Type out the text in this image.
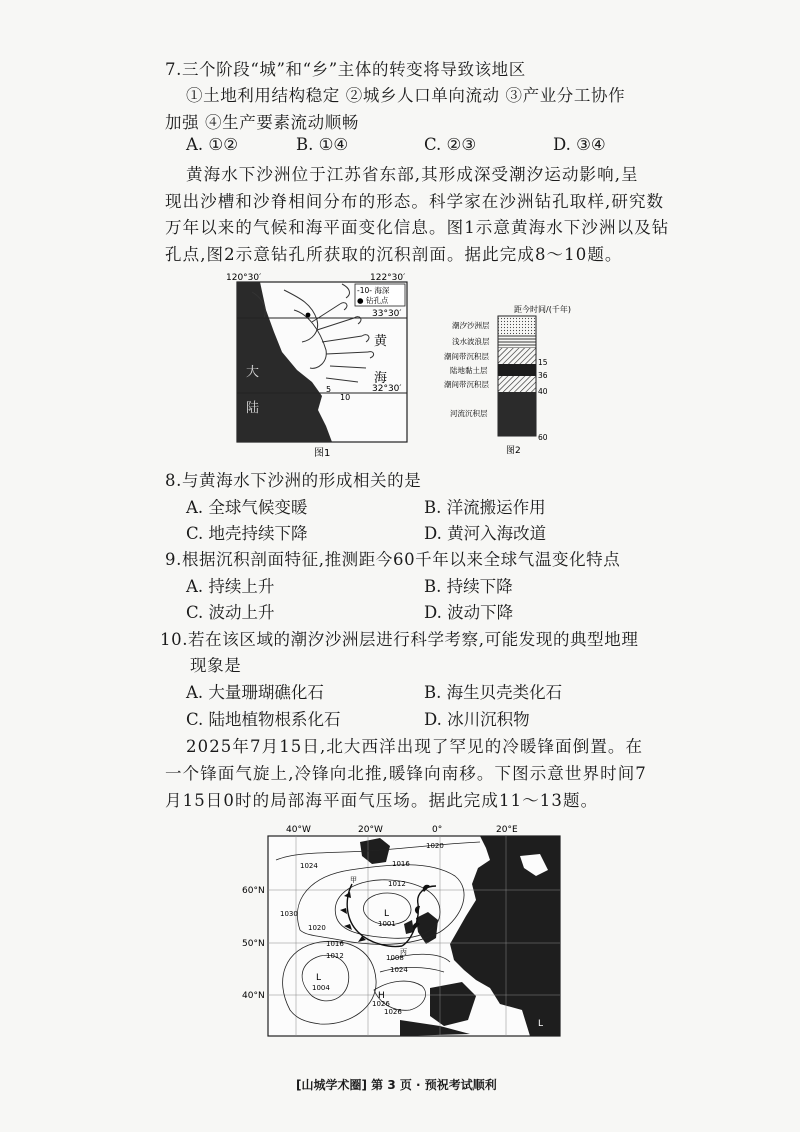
7.三个阶段“城”和“乡”主体的转变将导致该地区
①土地利用结构稳定 ②城乡人口单向流动 ③产业分工协作
加强 ④生产要素流动顺畅
A. ①②	B. ①④	C. ②③	D. ③④
黄海水下沙洲位于江苏省东部,其形成深受潮汐运动影响,呈
现出沙槽和沙脊相间分布的形态。科学家在沙洲钻孔取样,研究数
万年以来的气候和海平面变化信息。图1示意黄海水下沙洲以及钻
孔点,图2示意钻孔所获取的沉积剖面。据此完成8～10题。
-10- 海深
● 钻孔点
120°30′	122°30′
33°30′
32°30′
黄
海
大
陆
5
10
图1
距今时间/(千年)
潮汐沙洲层
浅水波浪层
潮间带沉积层
陆地黏土层
潮间带沉积层
河流沉积层
15
36
40
60
图2
8.与黄海水下沙洲的形成相关的是
A. 全球气候变暖	B. 洋流搬运作用
C. 地壳持续下降	D. 黄河入海改道
9.根据沉积剖面特征,推测距今60千年以来全球气温变化特点
A. 持续上升	B. 持续下降
C. 波动上升	D. 波动下降
10.若在该区域的潮汐沙洲层进行科学考察,可能发现的典型地理
现象是
A. 大量珊瑚礁化石	B. 海生贝壳类化石
C. 陆地植物根系化石	D. 冰川沉积物
2025年7月15日,北大西洋出现了罕见的冷暖锋面倒置。在
一个锋面气旋上,冷锋向北推,暖锋向南移。下图示意世界时间7
月15日0时的局部海平面气压场。据此完成11～13题。
40°W	20°W	0°	20°E
60°N
50°N
40°N
1020
1016
1012
1024
1030
1020
1016
1012	1008
1024
1026
L
1001
L
1004
H
1026
L
甲
丙
[山城学术圈] 第 3 页 · 预祝考试顺利
